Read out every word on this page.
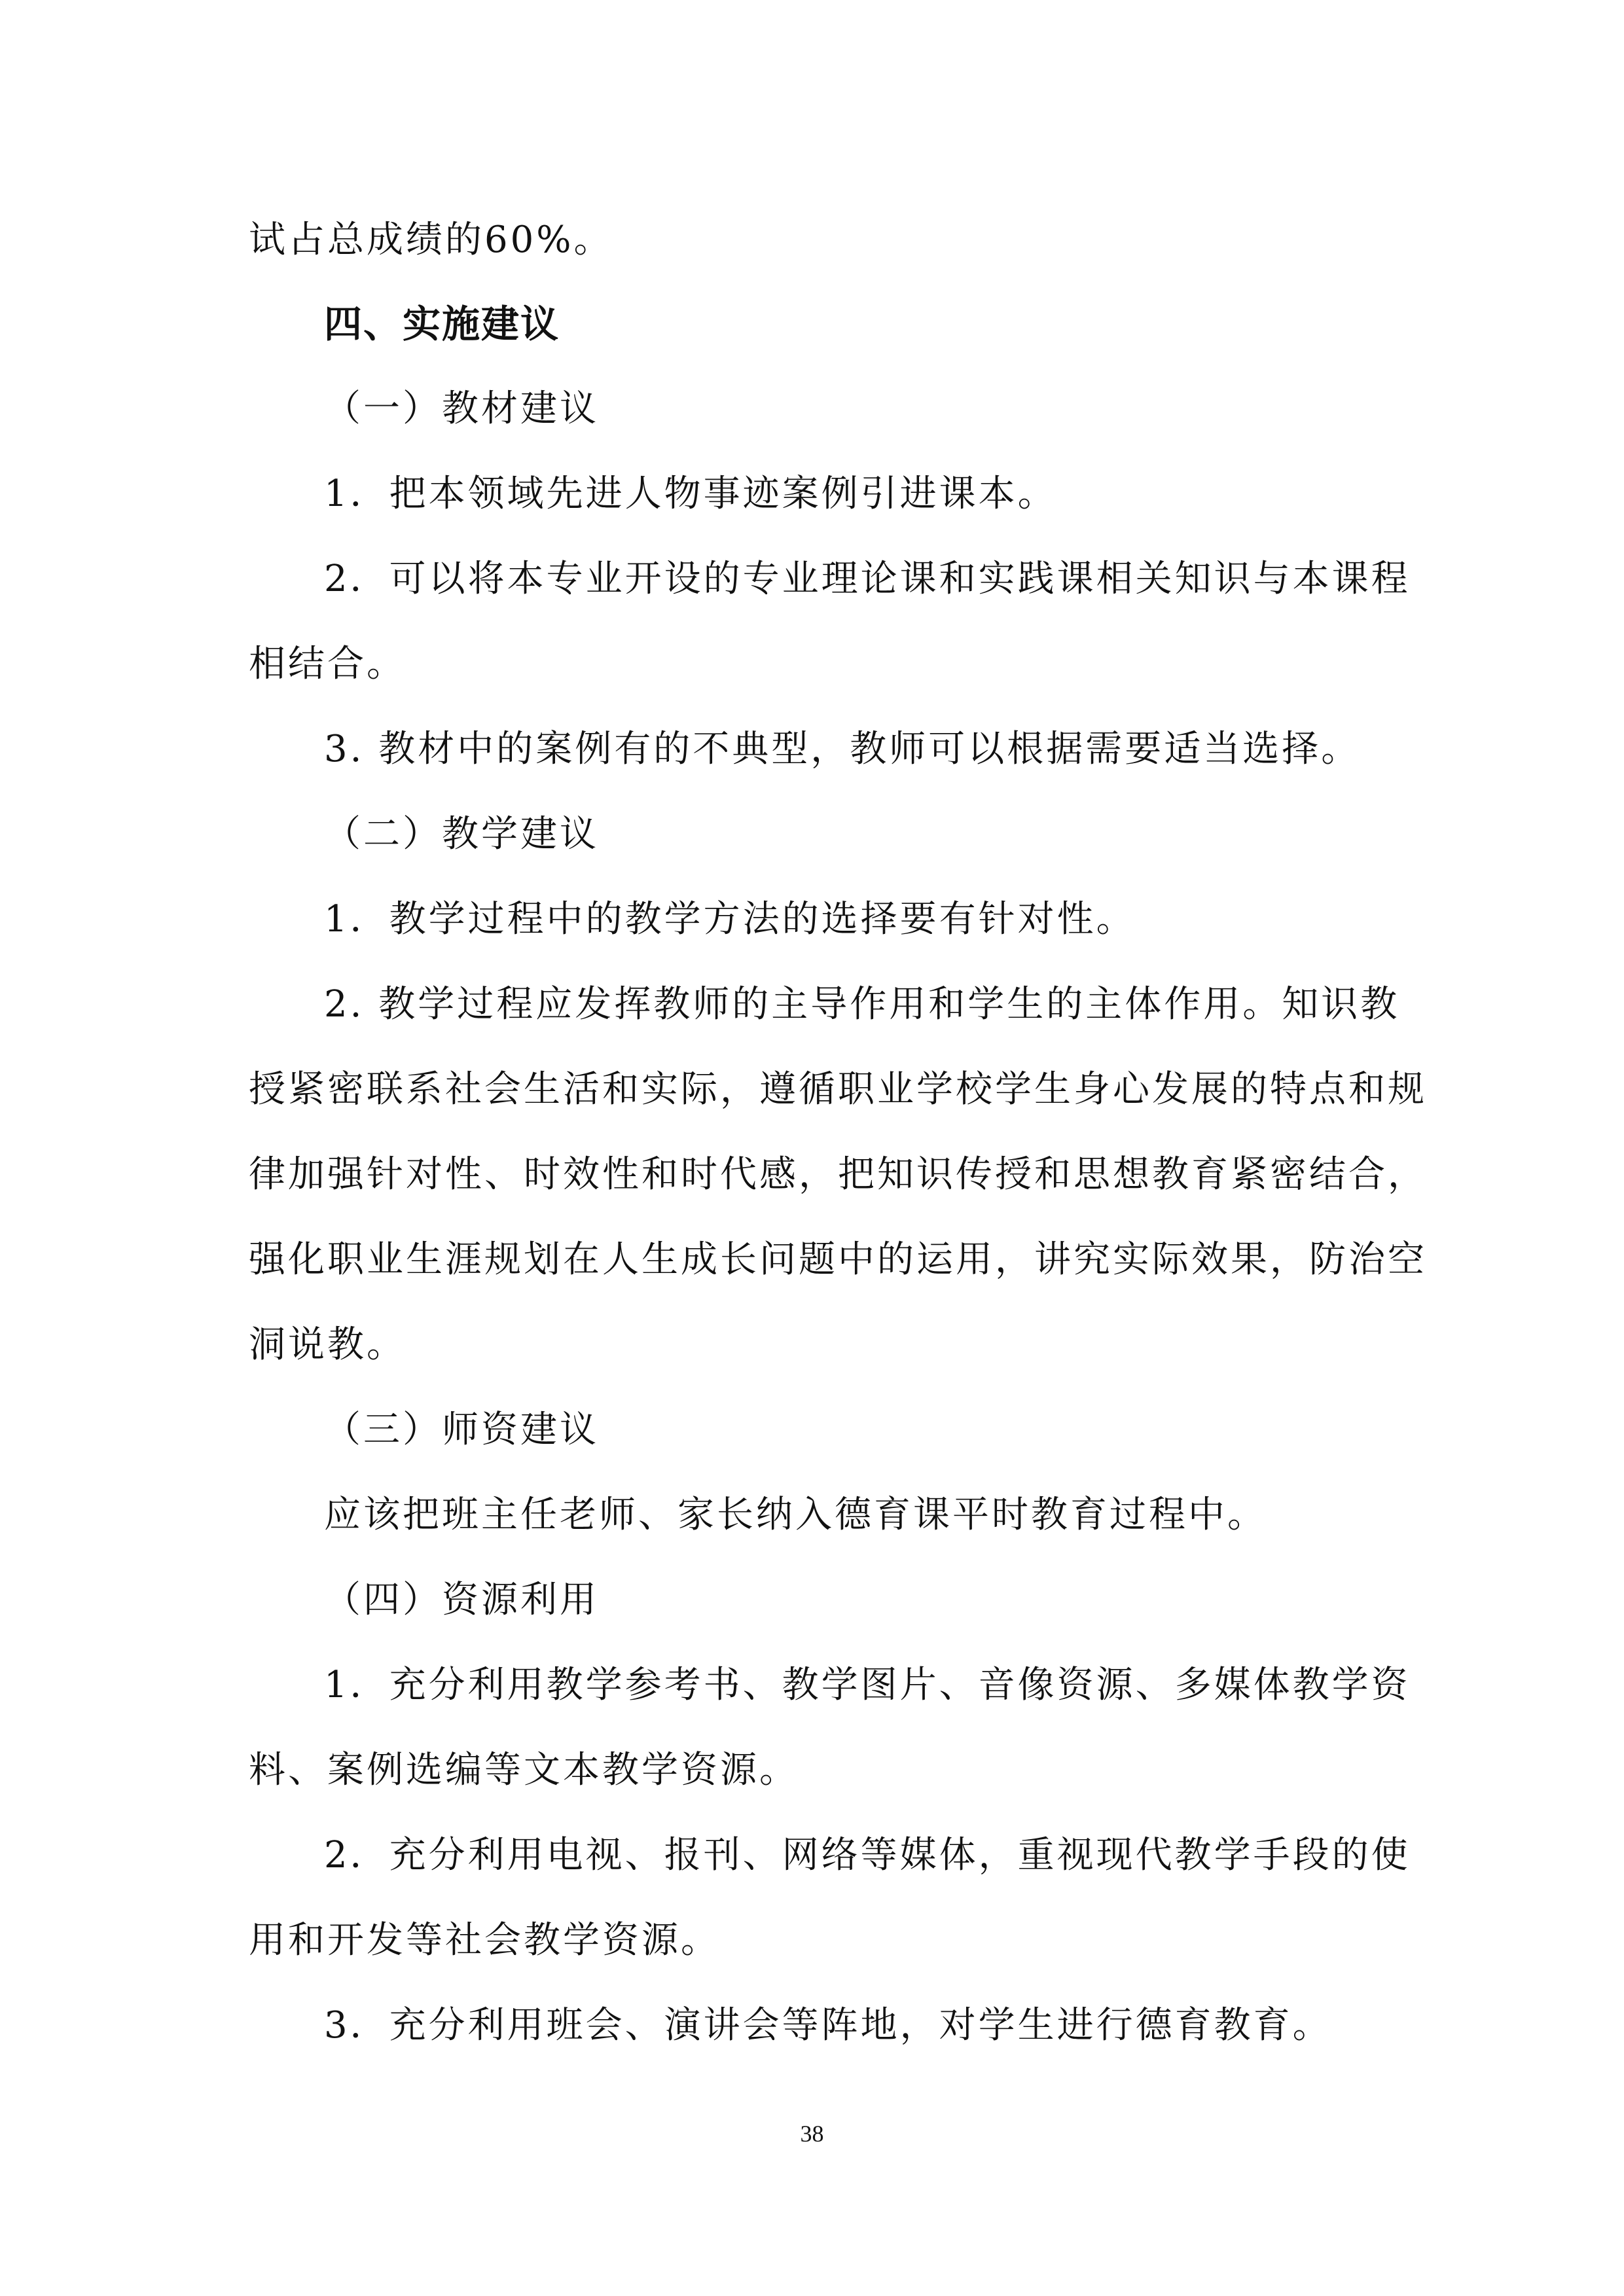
试占总成绩的60%。

四、实施建议

（一）教材建议

1．把本领域先进人物事迹案例引进课本。

2．可以将本专业开设的专业理论课和实践课相关知识与本课程

相结合。

3. 教材中的案例有的不典型，教师可以根据需要适当选择。

（二）教学建议

1．教学过程中的教学方法的选择要有针对性。

2. 教学过程应发挥教师的主导作用和学生的主体作用。知识教

授紧密联系社会生活和实际，遵循职业学校学生身心发展的特点和规

律加强针对性、时效性和时代感，把知识传授和思想教育紧密结合，

强化职业生涯规划在人生成长问题中的运用，讲究实际效果，防治空

洞说教。

（三）师资建议

应该把班主任老师、家长纳入德育课平时教育过程中。

（四）资源利用

1．充分利用教学参考书、教学图片、音像资源、多媒体教学资

料、案例选编等文本教学资源。

2．充分利用电视、报刊、网络等媒体，重视现代教学手段的使

用和开发等社会教学资源。

3．充分利用班会、演讲会等阵地，对学生进行德育教育。

38
